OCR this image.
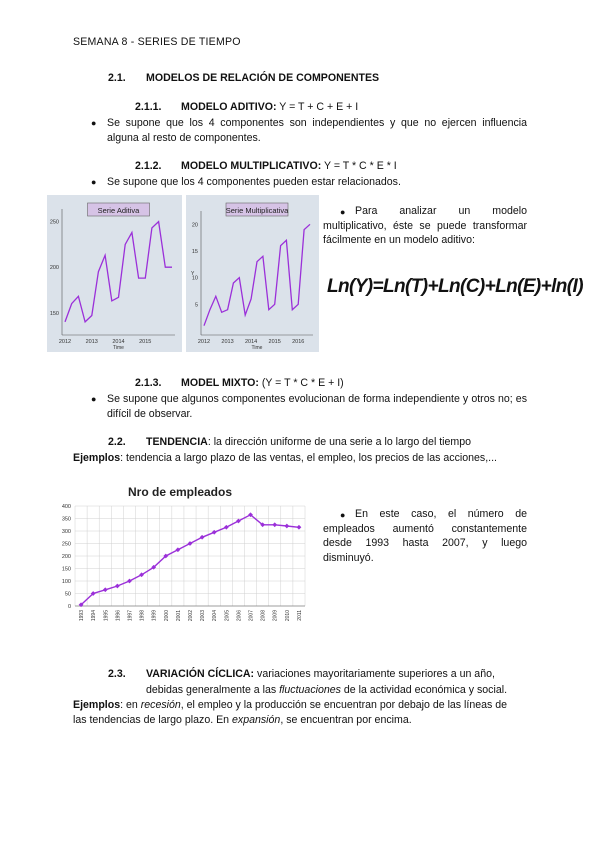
SEMANA 8 - SERIES DE TIEMPO
2.1. MODELOS DE RELACIÓN DE COMPONENTES
2.1.1. MODELO ADITIVO: Y = T + C + E + I
● Se supone que los 4 componentes son independientes y que no ejercen influencia alguna al resto de componentes.
2.1.2. MODELO MULTIPLICATIVO: Y = T * C * E * I
● Se supone que los 4 componentes pueden estar relacionados.
Serie Aditiva
150
200
250
2012	2013	2014	2015
Time
Serie Multiplicativa
5
10
15
20
2012 2013 2014 2015 2016
Time
Y
● Para analizar un modelo multiplicativo, éste se puede transformar fácilmente en un modelo aditivo:
Ln(Y)=Ln(T)+Ln(C)+Ln(E)+ln(I)
2.1.3. MODEL MIXTO: (Y = T * C * E + I)
● Se supone que algunos componentes evolucionan de forma independiente y otros no; es difícil de observar.
2.2. TENDENCIA: la dirección uniforme de una serie a lo largo del tiempo
Ejemplos: tendencia a largo plazo de las ventas, el empleo, los precios de las acciones,...
Nro de empleados
0
50
100
150
200
250
300
350
400
1993 1994 1995 1996 1997 1998 1999 2000 2001 2002 2003 2004 2005 2006 2007 2008 2009 2010 2011
● En este caso, el número de empleados aumentó constantemente desde 1993 hasta 2007, y luego disminuyó.
2.3. VARIACIÓN CÍCLICA: variaciones mayoritariamente superiores a un año,
debidas generalmente a las fluctuaciones de la actividad económica y social.
Ejemplos: en recesión, el empleo y la producción se encuentran por debajo de las líneas de
las tendencias de largo plazo. En expansión, se encuentran por encima.
